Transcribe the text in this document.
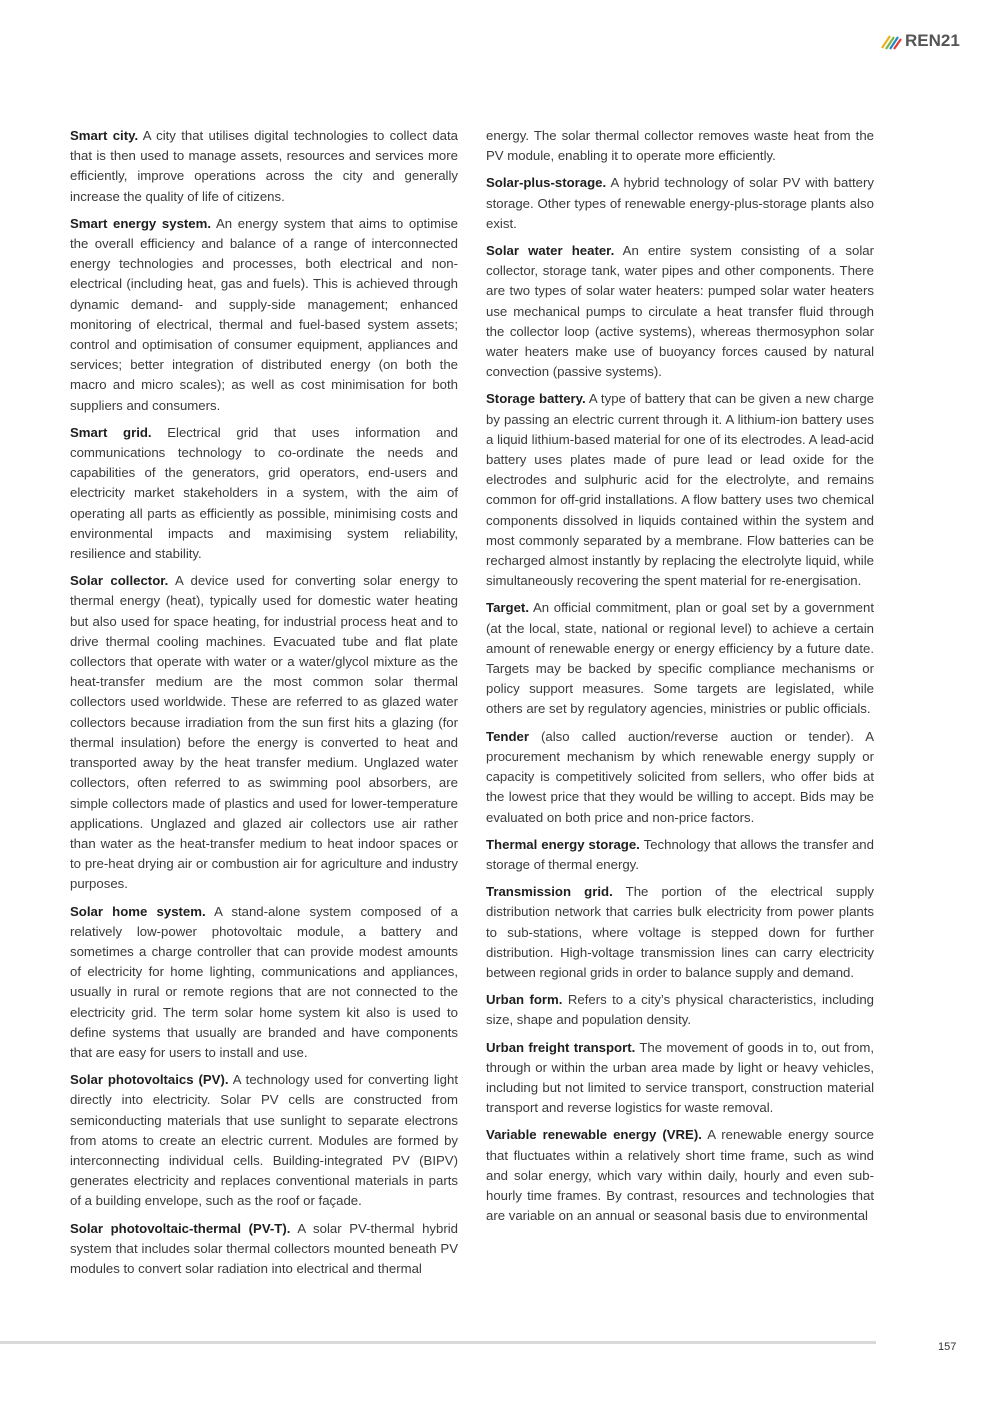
REN21

Smart city. A city that utilises digital technologies to collect data that is then used to manage assets, resources and services more efficiently, improve operations across the city and generally increase the quality of life of citizens.

Smart energy system. An energy system that aims to optimise the overall efficiency and balance of a range of interconnected energy technologies and processes, both electrical and non-electrical (including heat, gas and fuels). This is achieved through dynamic demand- and supply-side management; enhanced monitoring of electrical, thermal and fuel-based system assets; control and optimisation of consumer equipment, appliances and services; better integration of distributed energy (on both the macro and micro scales); as well as cost minimisation for both suppliers and consumers.

Smart grid. Electrical grid that uses information and communications technology to co-ordinate the needs and capabilities of the generators, grid operators, end-users and electricity market stakeholders in a system, with the aim of operating all parts as efficiently as possible, minimising costs and environmental impacts and maximising system reliability, resilience and stability.

Solar collector. A device used for converting solar energy to thermal energy (heat), typically used for domestic water heating but also used for space heating, for industrial process heat and to drive thermal cooling machines. Evacuated tube and flat plate collectors that operate with water or a water/glycol mixture as the heat-transfer medium are the most common solar thermal collectors used worldwide. These are referred to as glazed water collectors because irradiation from the sun first hits a glazing (for thermal insulation) before the energy is converted to heat and transported away by the heat transfer medium. Unglazed water collectors, often referred to as swimming pool absorbers, are simple collectors made of plastics and used for lower-temperature applications. Unglazed and glazed air collectors use air rather than water as the heat-transfer medium to heat indoor spaces or to pre-heat drying air or combustion air for agriculture and industry purposes.

Solar home system. A stand-alone system composed of a relatively low-power photovoltaic module, a battery and sometimes a charge controller that can provide modest amounts of electricity for home lighting, communications and appliances, usually in rural or remote regions that are not connected to the electricity grid. The term solar home system kit also is used to define systems that usually are branded and have components that are easy for users to install and use.

Solar photovoltaics (PV). A technology used for converting light directly into electricity. Solar PV cells are constructed from semiconducting materials that use sunlight to separate electrons from atoms to create an electric current. Modules are formed by interconnecting individual cells. Building-integrated PV (BIPV) generates electricity and replaces conventional materials in parts of a building envelope, such as the roof or façade.

Solar photovoltaic-thermal (PV-T). A solar PV-thermal hybrid system that includes solar thermal collectors mounted beneath PV modules to convert solar radiation into electrical and thermal

energy. The solar thermal collector removes waste heat from the PV module, enabling it to operate more efficiently.

Solar-plus-storage. A hybrid technology of solar PV with battery storage. Other types of renewable energy-plus-storage plants also exist.

Solar water heater. An entire system consisting of a solar collector, storage tank, water pipes and other components. There are two types of solar water heaters: pumped solar water heaters use mechanical pumps to circulate a heat transfer fluid through the collector loop (active systems), whereas thermosyphon solar water heaters make use of buoyancy forces caused by natural convection (passive systems).

Storage battery. A type of battery that can be given a new charge by passing an electric current through it. A lithium-ion battery uses a liquid lithium-based material for one of its electrodes. A lead-acid battery uses plates made of pure lead or lead oxide for the electrodes and sulphuric acid for the electrolyte, and remains common for off-grid installations. A flow battery uses two chemical components dissolved in liquids contained within the system and most commonly separated by a membrane. Flow batteries can be recharged almost instantly by replacing the electrolyte liquid, while simultaneously recovering the spent material for re-energisation.

Target. An official commitment, plan or goal set by a government (at the local, state, national or regional level) to achieve a certain amount of renewable energy or energy efficiency by a future date. Targets may be backed by specific compliance mechanisms or policy support measures. Some targets are legislated, while others are set by regulatory agencies, ministries or public officials.

Tender (also called auction/reverse auction or tender). A procurement mechanism by which renewable energy supply or capacity is competitively solicited from sellers, who offer bids at the lowest price that they would be willing to accept. Bids may be evaluated on both price and non-price factors.

Thermal energy storage. Technology that allows the transfer and storage of thermal energy.

Transmission grid. The portion of the electrical supply distribution network that carries bulk electricity from power plants to sub-stations, where voltage is stepped down for further distribution. High-voltage transmission lines can carry electricity between regional grids in order to balance supply and demand.

Urban form. Refers to a city’s physical characteristics, including size, shape and population density.

Urban freight transport. The movement of goods in to, out from, through or within the urban area made by light or heavy vehicles, including but not limited to service transport, construction material transport and reverse logistics for waste removal.

Variable renewable energy (VRE). A renewable energy source that fluctuates within a relatively short time frame, such as wind and solar energy, which vary within daily, hourly and even sub-hourly time frames. By contrast, resources and technologies that are variable on an annual or seasonal basis due to environmental

157
